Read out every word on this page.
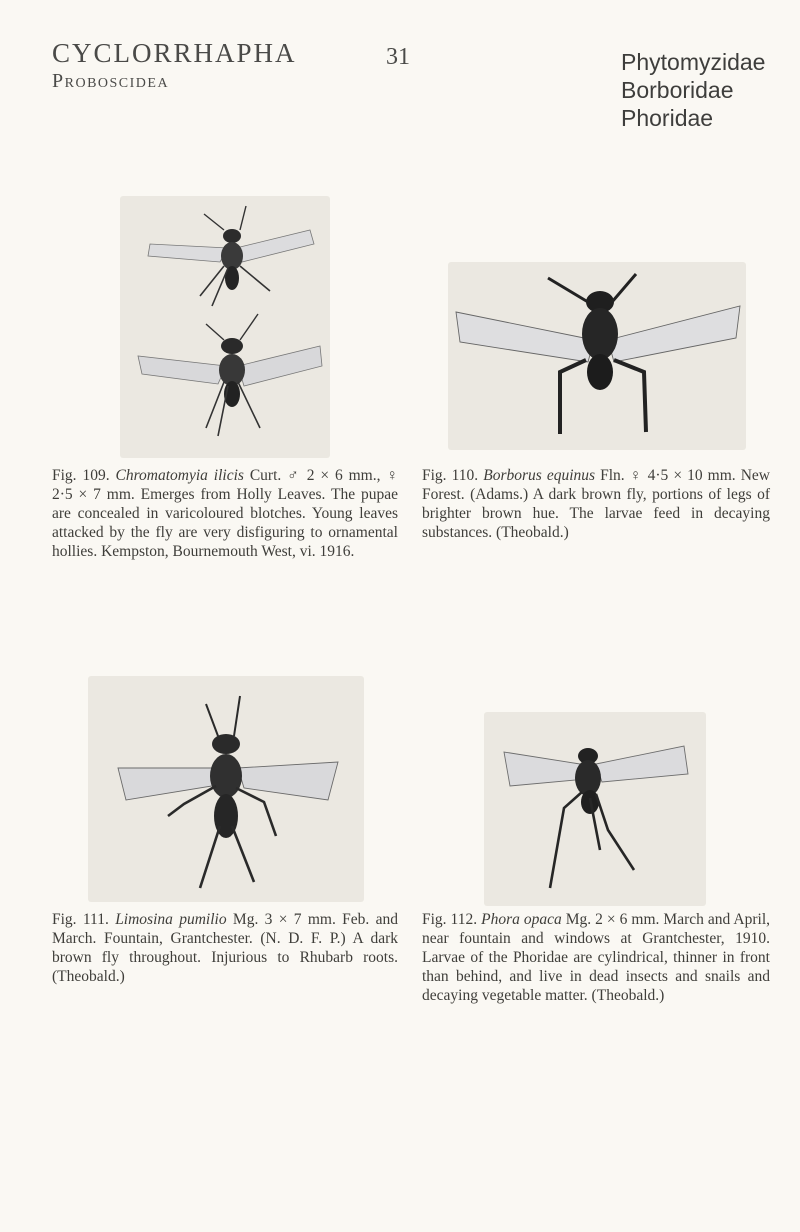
CYCLORRHAPHA
Proboscidea
31	Phytomyzidae
Borboridae
Phoridae
Fig. 109. Chromatomyia ilicis Curt. ♂ 2 × 6 mm., ♀ 2·5 × 7 mm. Emerges from Holly Leaves. The pupae are concealed in varicoloured blotches. Young leaves attacked by the fly are very disfiguring to ornamental hollies. Kempston, Bournemouth West, vi. 1916.
Fig. 110. Borborus equinus Fln. ♀ 4·5 × 10 mm. New Forest. (Adams.) A dark brown fly, portions of legs of brighter brown hue. The larvae feed in decaying substances. (Theobald.)
Fig. 111. Limosina pumilio Mg. 3 × 7 mm. Feb. and March. Fountain, Grantchester. (N. D. F. P.) A dark brown fly throughout. Injurious to Rhubarb roots. (Theobald.)
Fig. 112. Phora opaca Mg. 2 × 6 mm. March and April, near fountain and windows at Grantchester, 1910. Larvae of the Phoridae are cylindrical, thinner in front than behind, and live in dead insects and snails and decaying vegetable matter. (Theobald.)
